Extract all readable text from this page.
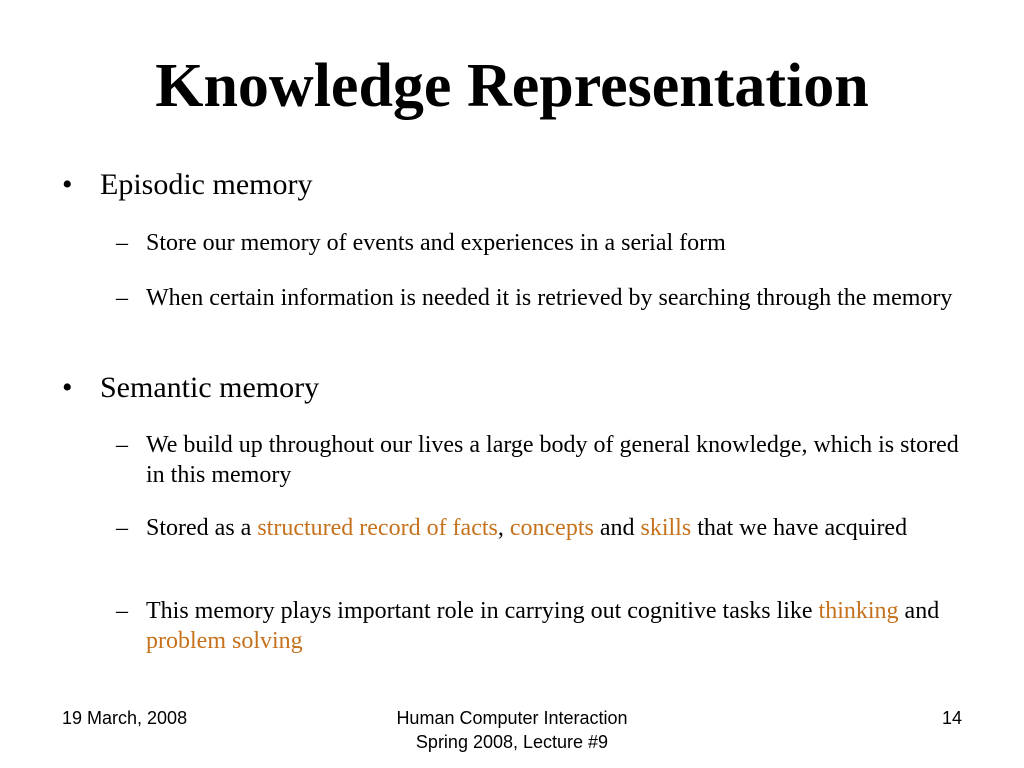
Knowledge Representation
• Episodic memory
– Store our memory of events and experiences in a serial form
– When certain information is needed it is retrieved by searching through the memory
• Semantic memory
– We build up throughout our lives a large body of general knowledge, which is stored in this memory
– Stored as a structured record of facts, concepts and skills that we have acquired
– This memory plays important role in carrying out cognitive tasks like thinking and problem solving
19 March, 2008	Human Computer Interaction
Spring 2008, Lecture #9
14
